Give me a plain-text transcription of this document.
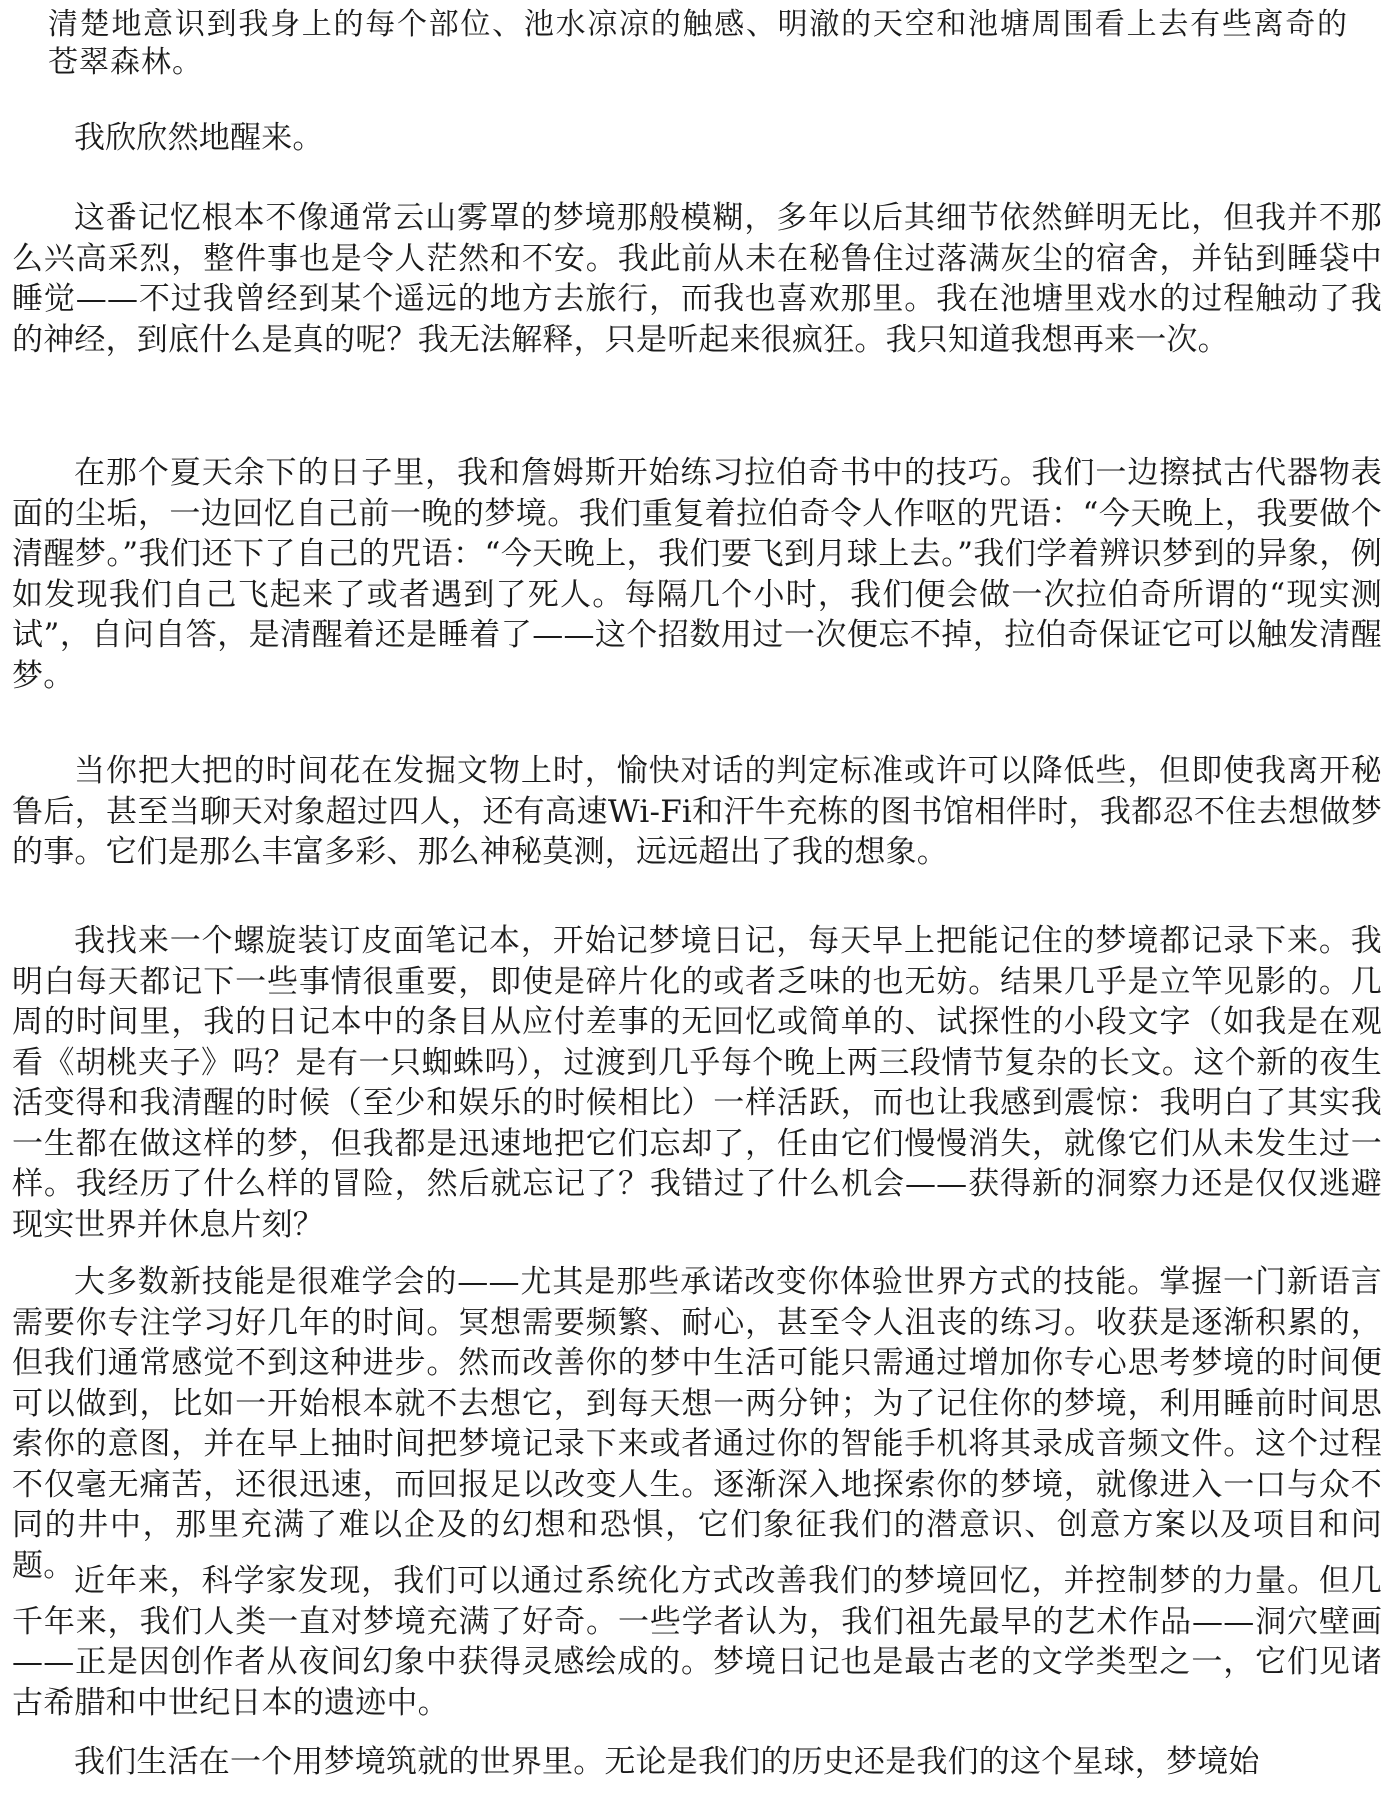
清楚地意识到我身上的每个部位、池水凉凉的触感、明澈的天空和池塘周围看上去有些离奇的苍翠森林。

我欣欣然地醒来。

这番记忆根本不像通常云山雾罩的梦境那般模糊，多年以后其细节依然鲜明无比，但我并不那么兴高采烈，整件事也是令人茫然和不安。我此前从未在秘鲁住过落满灰尘的宿舍，并钻到睡袋中睡觉——不过我曾经到某个遥远的地方去旅行，而我也喜欢那里。我在池塘里戏水的过程触动了我的神经，到底什么是真的呢？我无法解释，只是听起来很疯狂。我只知道我想再来一次。

在那个夏天余下的日子里，我和詹姆斯开始练习拉伯奇书中的技巧。我们一边擦拭古代器物表面的尘垢，一边回忆自己前一晚的梦境。我们重复着拉伯奇令人作呕的咒语：“今天晚上，我要做个清醒梦。”我们还下了自己的咒语：“今天晚上，我们要飞到月球上去。”我们学着辨识梦到的异象，例如发现我们自己飞起来了或者遇到了死人。每隔几个小时，我们便会做一次拉伯奇所谓的“现实测试”，自问自答，是清醒着还是睡着了——这个招数用过一次便忘不掉，拉伯奇保证它可以触发清醒梦。

当你把大把的时间花在发掘文物上时，愉快对话的判定标准或许可以降低些，但即使我离开秘鲁后，甚至当聊天对象超过四人，还有高速Wi-Fi和汗牛充栋的图书馆相伴时，我都忍不住去想做梦的事。它们是那么丰富多彩、那么神秘莫测，远远超出了我的想象。

我找来一个螺旋装订皮面笔记本，开始记梦境日记，每天早上把能记住的梦境都记录下来。我明白每天都记下一些事情很重要，即使是碎片化的或者乏味的也无妨。结果几乎是立竿见影的。几周的时间里，我的日记本中的条目从应付差事的无回忆或简单的、试探性的小段文字（如我是在观看《胡桃夹子》吗？是有一只蜘蛛吗），过渡到几乎每个晚上两三段情节复杂的长文。这个新的夜生活变得和我清醒的时候（至少和娱乐的时候相比）一样活跃，而也让我感到震惊：我明白了其实我一生都在做这样的梦，但我都是迅速地把它们忘却了，任由它们慢慢消失，就像它们从未发生过一样。我经历了什么样的冒险，然后就忘记了？我错过了什么机会——获得新的洞察力还是仅仅逃避现实世界并休息片刻？

大多数新技能是很难学会的——尤其是那些承诺改变你体验世界方式的技能。掌握一门新语言需要你专注学习好几年的时间。冥想需要频繁、耐心，甚至令人沮丧的练习。收获是逐渐积累的，但我们通常感觉不到这种进步。然而改善你的梦中生活可能只需通过增加你专心思考梦境的时间便可以做到，比如一开始根本就不去想它，到每天想一两分钟；为了记住你的梦境，利用睡前时间思索你的意图，并在早上抽时间把梦境记录下来或者通过你的智能手机将其录成音频文件。这个过程不仅毫无痛苦，还很迅速，而回报足以改变人生。逐渐深入地探索你的梦境，就像进入一口与众不同的井中，那里充满了难以企及的幻想和恐惧，它们象征我们的潜意识、创意方案以及项目和问题。 近年来，科学家发现，我们可以通过系统化方式改善我们的梦境回忆，并控制梦的力量。但几千年来，我们人类一直对梦境充满了好奇。一些学者认为，我们祖先最早的艺术作品——洞穴壁画——正是因创作者从夜间幻象中获得灵感绘成的。梦境日记也是最古老的文学类型之一，它们见诸古希腊和中世纪日本的遗迹中。

我们生活在一个用梦境筑就的世界里。无论是我们的历史还是我们的这个星球，梦境始
